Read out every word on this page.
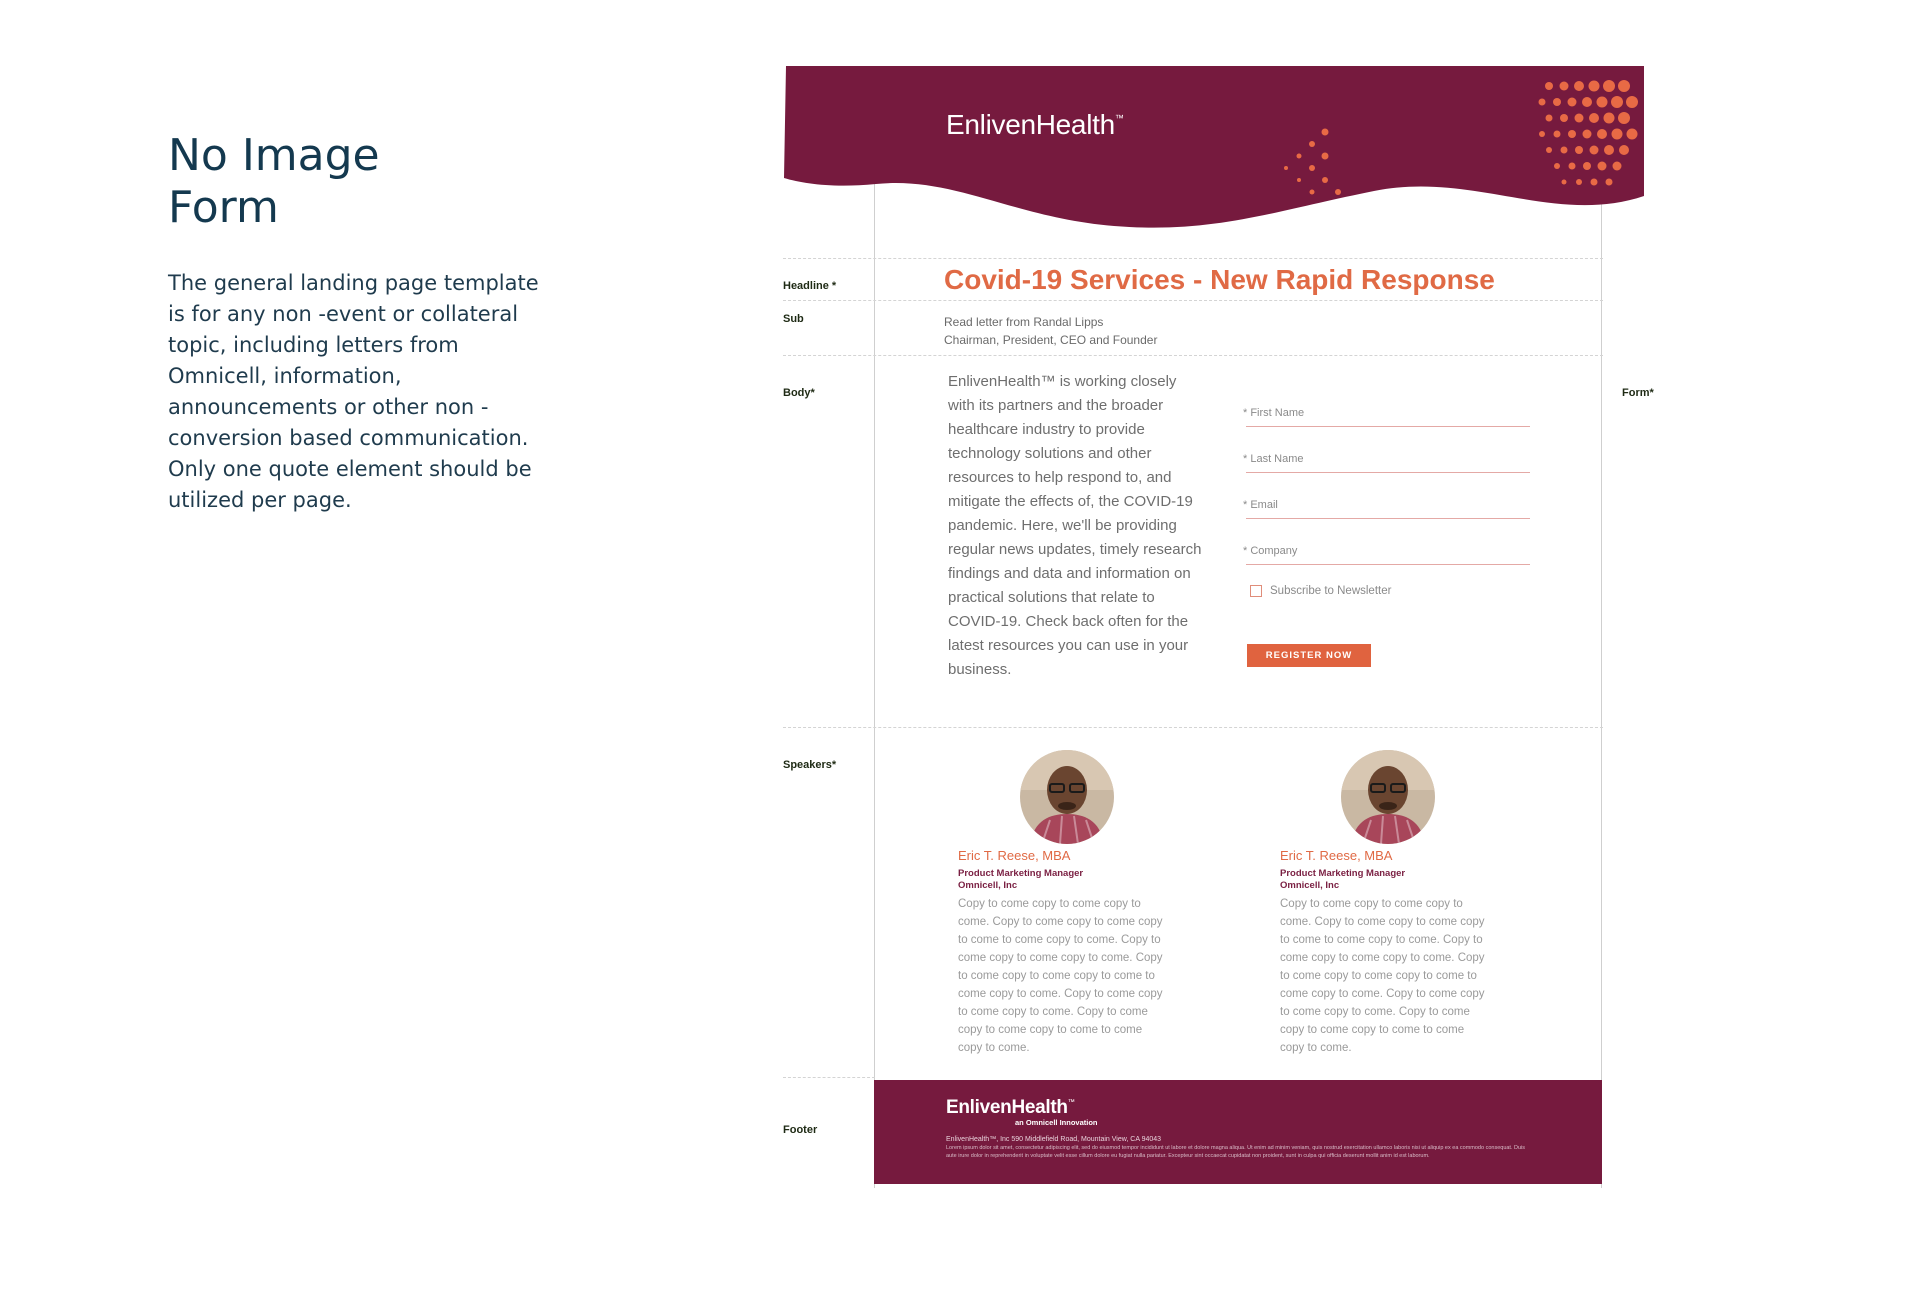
No Image
Form

The general landing page template is for any non -event or collateral topic, including letters from Omnicell, information, announcements or other non -conversion based communication. Only one quote element should be utilized per page.

Headline *
Sub
Body*	Form*
Speakers*
Footer
EnlivenHealth™
Covid-19 Services - New Rapid Response
Read letter from Randal Lipps
Chairman, President, CEO and Founder

EnlivenHealth™ is working closely with its partners and the broader healthcare industry to provide technology solutions and other resources to help respond to, and mitigate the effects of, the COVID-19 pandemic. Here, we'll be providing regular news updates, timely research findings and data and information on practical solutions that relate to COVID-19. Check back often for the latest resources you can use in your business.

* First Name
* Last Name
* Email
* Company
Subscribe to Newsletter
REGISTER NOW
Eric T. Reese, MBA
Product Marketing Manager
Omnicell, Inc

Copy to come copy to come copy to come. Copy to come copy to come copy to come to come copy to come. Copy to come copy to come copy to come. Copy to come copy to come copy to come to come copy to come. Copy to come copy to come copy to come. Copy to come copy to come copy to come to come copy to come.

Eric T. Reese, MBA
Product Marketing Manager
Omnicell, Inc

Copy to come copy to come copy to come. Copy to come copy to come copy to come to come copy to come. Copy to come copy to come copy to come. Copy to come copy to come copy to come to come copy to come. Copy to come copy to come copy to come. Copy to come copy to come copy to come to come copy to come.

EnlivenHealth™
an Omnicell Innovation
EnlivenHealth™, Inc 590 Middlefield Road, Mountain View, CA 94043

Lorem ipsum dolor sit amet, consectetur adipiscing elit, sed do eiusmod tempor incididunt ut labore et dolore magna aliqua. Ut enim ad minim veniam, quis nostrud exercitation ullamco laboris nisi ut aliquip ex ea commodo consequat. Duis aute irure dolor in reprehenderit in voluptate velit esse cillum dolore eu fugiat nulla pariatur. Excepteur sint occaecat cupidatat non proident, sunt in culpa qui officia deserunt mollit anim id est laborum.
